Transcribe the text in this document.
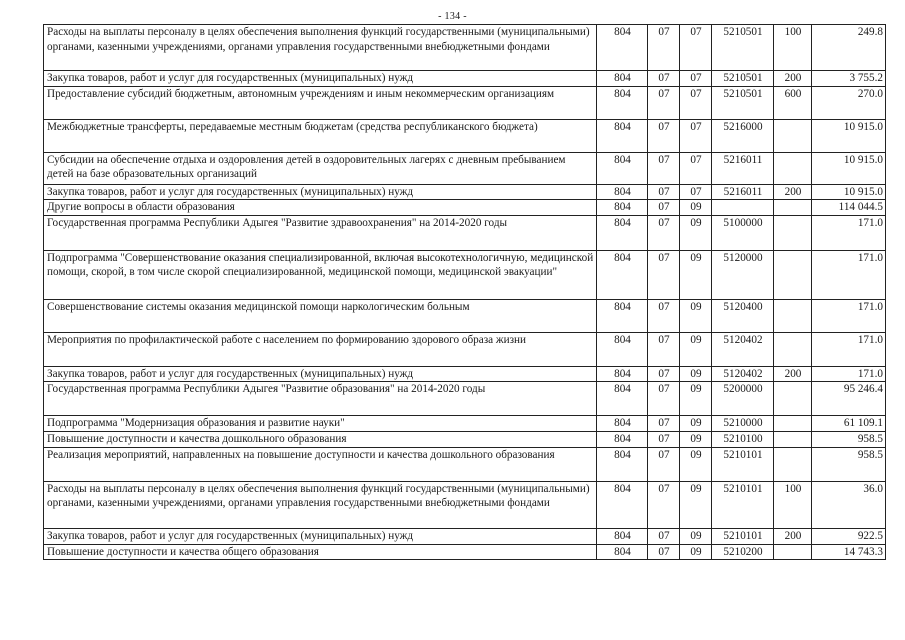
- 134 -
Расходы на выплаты персоналу в целях обеспечения выполнения функций государственными (муниципальными) органами, казенными учреждениями, органами управления государственными внебюджетными фондами	804	07	07	5210501	100	249.8
Закупка товаров, работ и услуг для государственных (муниципальных) нужд	804	07	07	5210501	200	3 755.2
Предоставление субсидий бюджетным, автономным учреждениям и иным некоммерческим организациям	804	07	07	5210501	600	270.0
Межбюджетные трансферты, передаваемые местным бюджетам (средства республиканского бюджета)	804	07	07	5216000		10 915.0
Субсидии на обеспечение отдыха и оздоровления детей в оздоровительных лагерях с дневным пребыванием детей на базе образовательных организаций	804	07	07	5216011		10 915.0
Закупка товаров, работ и услуг для государственных (муниципальных) нужд	804	07	07	5216011	200	10 915.0
Другие вопросы в области образования	804	07	09			114 044.5
Государственная программа Республики Адыгея "Развитие здравоохранения" на 2014-2020 годы	804	07	09	5100000		171.0
Подпрограмма "Совершенствование оказания специализированной, включая высокотехнологичную, медицинской помощи, скорой, в том числе скорой специализированной, медицинской помощи, медицинской эвакуации"	804	07	09	5120000		171.0
Совершенствование системы оказания медицинской помощи наркологическим больным	804	07	09	5120400		171.0
Мероприятия по профилактической работе с населением по формированию здорового образа жизни	804	07	09	5120402		171.0
Закупка товаров, работ и услуг для государственных (муниципальных) нужд	804	07	09	5120402	200	171.0
Государственная программа Республики Адыгея "Развитие образования" на 2014-2020 годы	804	07	09	5200000		95 246.4
Подпрограмма "Модернизация образования и развитие науки"	804	07	09	5210000		61 109.1
Повышение доступности и качества дошкольного образования	804	07	09	5210100		958.5
Реализация мероприятий, направленных на повышение доступности и качества дошкольного образования	804	07	09	5210101		958.5
Расходы на выплаты персоналу в целях обеспечения выполнения функций государственными (муниципальными) органами, казенными учреждениями, органами управления государственными внебюджетными фондами	804	07	09	5210101	100	36.0
Закупка товаров, работ и услуг для государственных (муниципальных) нужд	804	07	09	5210101	200	922.5
Повышение доступности и качества общего образования	804	07	09	5210200		14 743.3
